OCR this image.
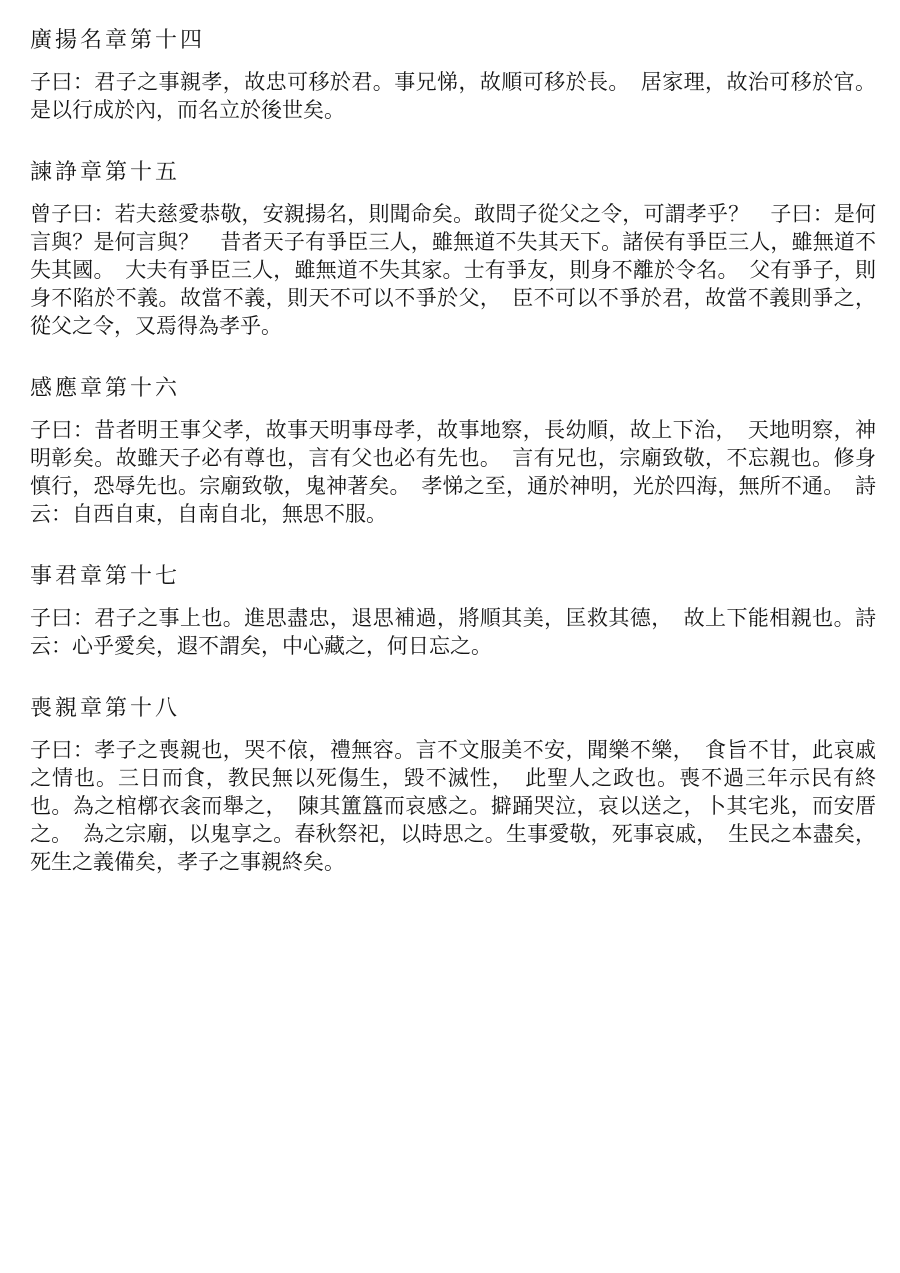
廣揚名章第十四

子曰：君子之事親孝，故忠可移於君。事兄悌，故順可移於長。　居家理，故治可移於官。是以行成於內，而名立於後世矣。

諫諍章第十五

曾子曰：若夫慈愛恭敬，安親揚名，則聞命矣。敢問子從父之令，可謂孝乎？　子曰：是何言與？是何言與？　昔者天子有爭臣三人，雖無道不失其天下。諸侯有爭臣三人，雖無道不失其國。　大夫有爭臣三人，雖無道不失其家。士有爭友，則身不離於令名。　父有爭子，則身不陷於不義。故當不義，則天不可以不爭於父，　臣不可以不爭於君，故當不義則爭之，從父之令，又焉得為孝乎。

感應章第十六

子曰：昔者明王事父孝，故事天明事母孝，故事地察，長幼順，故上下治，　天地明察，神明彰矣。故雖天子必有尊也，言有父也必有先也。　言有兄也，宗廟致敬，不忘親也。修身慎行，恐辱先也。宗廟致敬，鬼神著矣。　孝悌之至，通於神明，光於四海，無所不通。　詩云：自西自東，自南自北，無思不服。

事君章第十七

子曰：君子之事上也。進思盡忠，退思補過，將順其美，匡救其德，　故上下能相親也。詩云：心乎愛矣，遐不謂矣，中心藏之，何日忘之。

喪親章第十八

子曰：孝子之喪親也，哭不偯，禮無容。言不文服美不安，聞樂不樂，　食旨不甘，此哀戚之情也。三日而食，教民無以死傷生，毀不滅性，　此聖人之政也。喪不過三年示民有終也。為之棺槨衣衾而舉之，　陳其簠簋而哀感之。擗踊哭泣，哀以送之，卜其宅兆，而安厝之。　為之宗廟，以鬼享之。春秋祭祀，以時思之。生事愛敬，死事哀戚，　生民之本盡矣，死生之義備矣，孝子之事親終矣。
